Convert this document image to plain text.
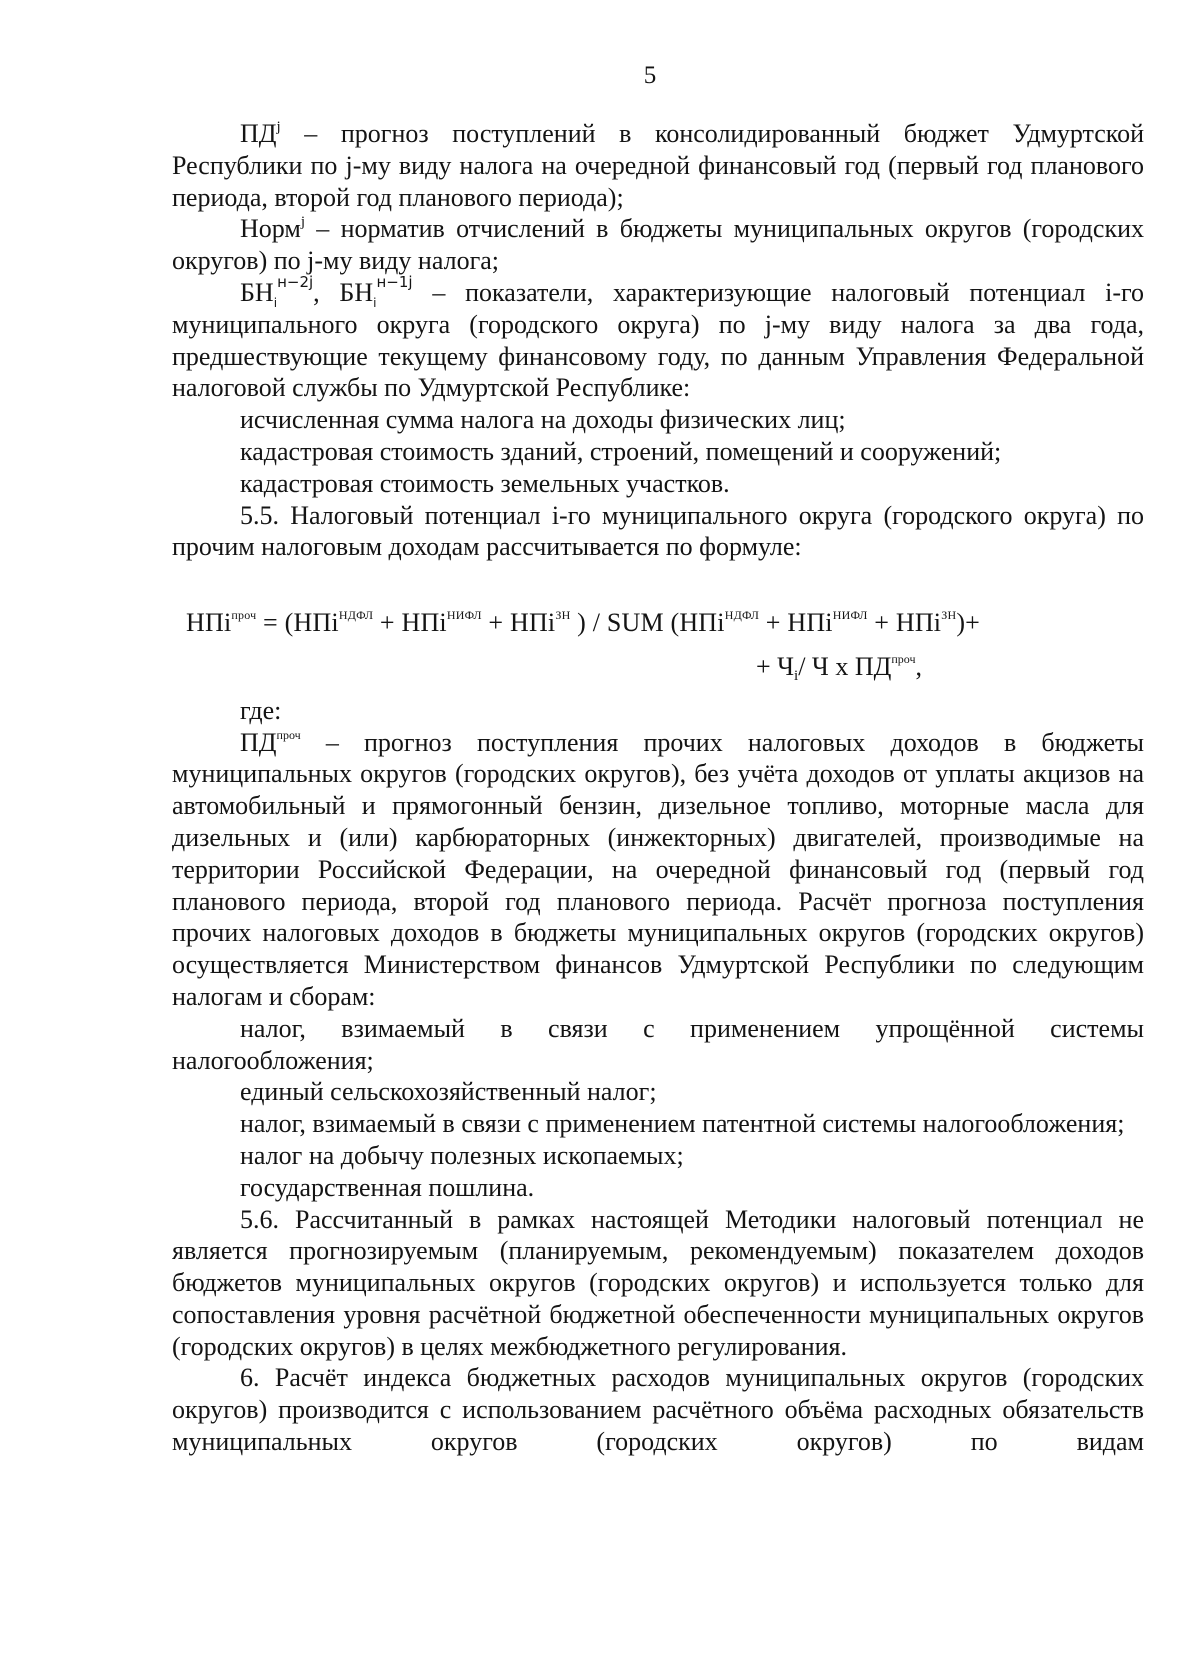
5

$ПД^j$ – прогноз поступлений в консолидированный бюджет Удмуртской Республики по j-му виду налога на очередной финансовый год (первый год планового периода, второй год планового периода);

Норм$^j$ – норматив отчислений в бюджеты муниципальных округов (городских округов) по j-му виду налога;

$БН_i^{н-2j}$, $БН_i^{н-1j}$ – показатели, характеризующие налоговый потенциал i-го муниципального округа (городского округа) по j-му виду налога за два года, предшествующие текущему финансовому году, по данным Управления Федеральной налоговой службы по Удмуртской Республике:

исчисленная сумма налога на доходы физических лиц;

кадастровая стоимость зданий, строений, помещений и сооружений;

кадастровая стоимость земельных участков.

5.5. Налоговый потенциал i-го муниципального округа (городского округа) по прочим налоговым доходам рассчитывается по формуле:

НПi$^{проч}$ = (НПi$^{НДФЛ}$ + НПi$^{НИФЛ}$ + НПi$^{ЗН}$ ) / SUM (НПi$^{НДФЛ}$ + НПi$^{НИФЛ}$ + НПi$^{ЗН}$)+
+ $Ч_i/$ Ч х $ПД^{проч}$,

где:

$ПД^{проч}$ – прогноз поступления прочих налоговых доходов в бюджеты муниципальных округов (городских округов), без учёта доходов от уплаты акцизов на автомобильный и прямогонный бензин, дизельное топливо, моторные масла для дизельных и (или) карбюраторных (инжекторных) двигателей, производимые на территории Российской Федерации, на очередной финансовый год (первый год планового периода, второй год планового периода. Расчёт прогноза поступления прочих налоговых доходов в бюджеты муниципальных округов (городских округов) осуществляется Министерством финансов Удмуртской Республики по следующим налогам и сборам:

налог, взимаемый в связи с применением упрощённой системы налогообложения;

единый сельскохозяйственный налог;

налог, взимаемый в связи с применением патентной системы налогообложения;

налог на добычу полезных ископаемых;

государственная пошлина.

5.6. Рассчитанный в рамках настоящей Методики налоговый потенциал не является прогнозируемым (планируемым, рекомендуемым) показателем доходов бюджетов муниципальных округов (городских округов) и используется только для сопоставления уровня расчётной бюджетной обеспеченности муниципальных округов (городских округов) в целях межбюджетного регулирования.

6. Расчёт индекса бюджетных расходов муниципальных округов (городских округов) производится с использованием расчётного объёма расходных обязательств муниципальных округов (городских округов) по видам
